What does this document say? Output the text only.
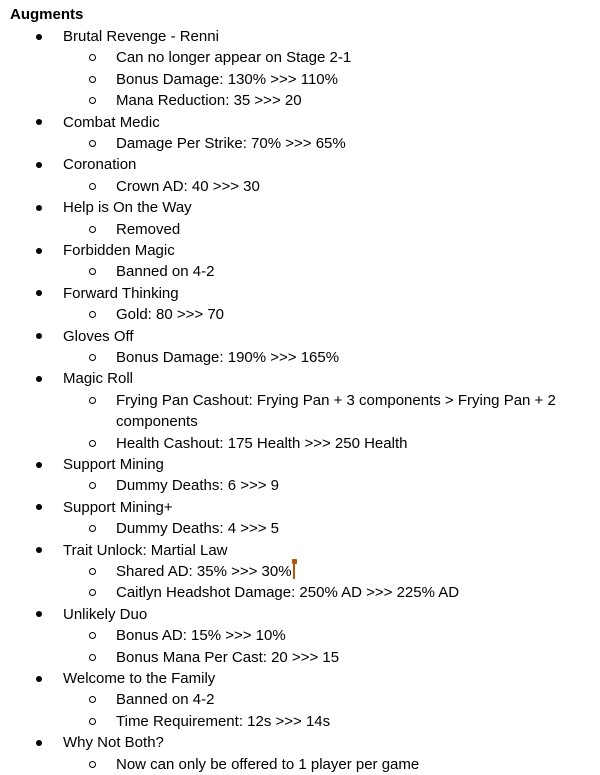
Augments
Brutal Revenge - Renni
Can no longer appear on Stage 2-1
Bonus Damage: 130% >>> 110%
Mana Reduction: 35 >>> 20
Combat Medic
Damage Per Strike: 70% >>> 65%
Coronation
Crown AD: 40 >>> 30
Help is On the Way
Removed
Forbidden Magic
Banned on 4-2
Forward Thinking
Gold: 80 >>> 70
Gloves Off
Bonus Damage: 190% >>> 165%
Magic Roll
Frying Pan Cashout: Frying Pan + 3 components > Frying Pan + 2 components
Health Cashout: 175 Health >>> 250 Health
Support Mining
Dummy Deaths: 6 >>> 9
Support Mining+
Dummy Deaths: 4 >>> 5
Trait Unlock: Martial Law
Shared AD: 35% >>> 30%
Caitlyn Headshot Damage: 250% AD >>> 225% AD
Unlikely Duo
Bonus AD: 15% >>> 10%
Bonus Mana Per Cast: 20 >>> 15
Welcome to the Family
Banned on 4-2
Time Requirement: 12s >>> 14s
Why Not Both?
Now can only be offered to 1 player per game
